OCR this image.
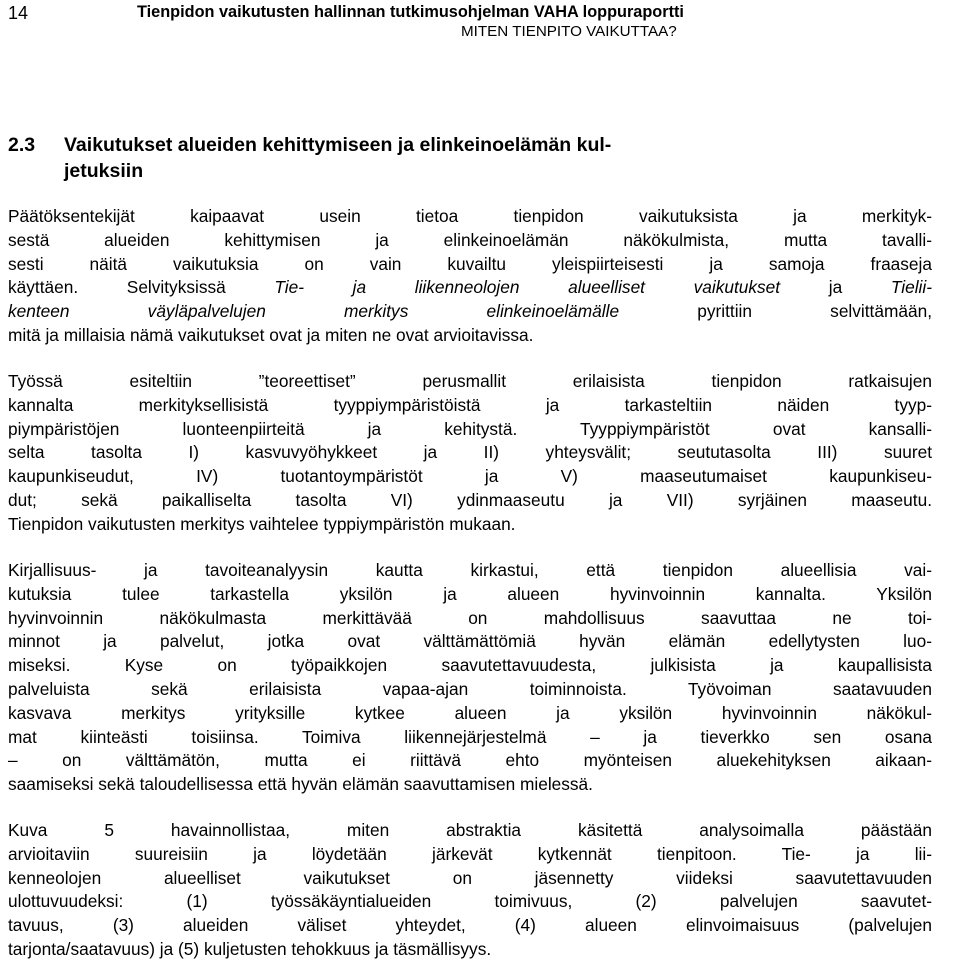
14	Tienpidon vaikutusten hallinnan tutkimusohjelman VAHA loppuraportti
MITEN TIENPITO VAIKUTTAA?
2.3 Vaikutukset alueiden kehittymiseen ja elinkeinoelämän kul-
jetuksiin
Päätöksentekijät kaipaavat usein tietoa tienpidon vaikutuksista ja merkityk-
sestä alueiden kehittymisen ja elinkeinoelämän näkökulmista, mutta tavalli-
sesti näitä vaikutuksia on vain kuvailtu yleispiirteisesti ja samoja fraaseja
käyttäen. Selvityksissä Tie- ja liikenneolojen alueelliset vaikutukset ja Tielii-
kenteen väyläpalvelujen merkitys elinkeinoelämälle pyrittiin selvittämään,
mitä ja millaisia nämä vaikutukset ovat ja miten ne ovat arvioitavissa.
Työssä esiteltiin ”teoreettiset” perusmallit erilaisista tienpidon ratkaisujen
kannalta merkityksellisistä tyyppiympäristöistä ja tarkasteltiin näiden tyyp-
piympäristöjen luonteenpiirteitä ja kehitystä. Tyyppiympäristöt ovat kansalli-
selta tasolta I) kasvuvyöhykkeet ja II) yhteysvälit; seututasolta III) suuret
kaupunkiseudut, IV) tuotantoympäristöt ja V) maaseutumaiset kaupunkiseu-
dut; sekä paikalliselta tasolta VI) ydinmaaseutu ja VII) syrjäinen maaseutu.
Tienpidon vaikutusten merkitys vaihtelee typpiympäristön mukaan.
Kirjallisuus- ja tavoiteanalyysin kautta kirkastui, että tienpidon alueellisia vai-
kutuksia tulee tarkastella yksilön ja alueen hyvinvoinnin kannalta. Yksilön
hyvinvoinnin näkökulmasta merkittävää on mahdollisuus saavuttaa ne toi-
minnot ja palvelut, jotka ovat välttämättömiä hyvän elämän edellytysten luo-
miseksi. Kyse on työpaikkojen saavutettavuudesta, julkisista ja kaupallisista
palveluista sekä erilaisista vapaa-ajan toiminnoista. Työvoiman saatavuuden
kasvava merkitys yrityksille kytkee alueen ja yksilön hyvinvoinnin näkökul-
mat kiinteästi toisiinsa. Toimiva liikennejärjestelmä – ja tieverkko sen osana
– on välttämätön, mutta ei riittävä ehto myönteisen aluekehityksen aikaan-
saamiseksi sekä taloudellisessa että hyvän elämän saavuttamisen mielessä.
Kuva 5 havainnollistaa, miten abstraktia käsitettä analysoimalla päästään
arvioitaviin suureisiin ja löydetään järkevät kytkennät tienpitoon. Tie- ja lii-
kenneolojen alueelliset vaikutukset on jäsennetty viideksi saavutettavuuden
ulottuvuudeksi: (1) työssäkäyntialueiden toimivuus, (2) palvelujen saavutet-
tavuus, (3) alueiden väliset yhteydet, (4) alueen elinvoimaisuus (palvelujen
tarjonta/saatavuus) ja (5) kuljetusten tehokkuus ja täsmällisyys.
